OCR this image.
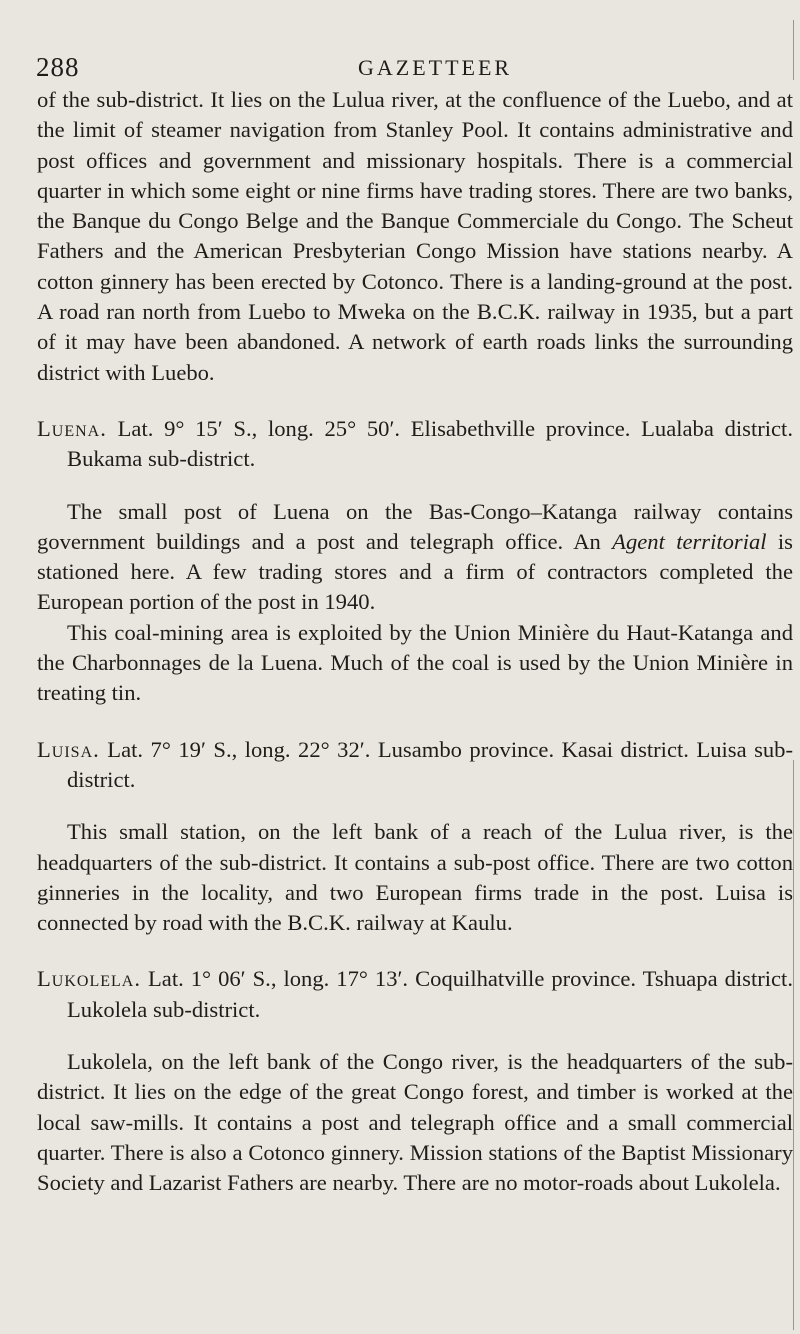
288	GAZETTEER

of the sub-district. It lies on the Lulua river, at the confluence of the Luebo, and at the limit of steamer navigation from Stanley Pool. It contains administrative and post offices and government and missionary hospitals. There is a commercial quarter in which some eight or nine firms have trading stores. There are two banks, the Banque du Congo Belge and the Banque Commerciale du Congo. The Scheut Fathers and the American Presbyterian Congo Mission have stations nearby. A cotton ginnery has been erected by Cotonco. There is a landing-ground at the post. A road ran north from Luebo to Mweka on the B.C.K. railway in 1935, but a part of it may have been abandoned. A network of earth roads links the surrounding district with Luebo.

Luena. Lat. 9° 15′ S., long. 25° 50′. Elisabethville province. Lualaba district. Bukama sub-district.

The small post of Luena on the Bas-Congo–Katanga railway contains government buildings and a post and telegraph office. An Agent territorial is stationed here. A few trading stores and a firm of contractors completed the European portion of the post in 1940.

This coal-mining area is exploited by the Union Minière du Haut-Katanga and the Charbonnages de la Luena. Much of the coal is used by the Union Minière in treating tin.

Luisa. Lat. 7° 19′ S., long. 22° 32′. Lusambo province. Kasai district. Luisa sub-district.

This small station, on the left bank of a reach of the Lulua river, is the headquarters of the sub-district. It contains a sub-post office. There are two cotton ginneries in the locality, and two European firms trade in the post. Luisa is connected by road with the B.C.K. railway at Kaulu.

Lukolela. Lat. 1° 06′ S., long. 17° 13′. Coquilhatville province. Tshuapa district. Lukolela sub-district.

Lukolela, on the left bank of the Congo river, is the headquarters of the sub-district. It lies on the edge of the great Congo forest, and timber is worked at the local saw-mills. It contains a post and telegraph office and a small commercial quarter. There is also a Cotonco ginnery. Mission stations of the Baptist Missionary Society and Lazarist Fathers are nearby. There are no motor-roads about Lukolela.
